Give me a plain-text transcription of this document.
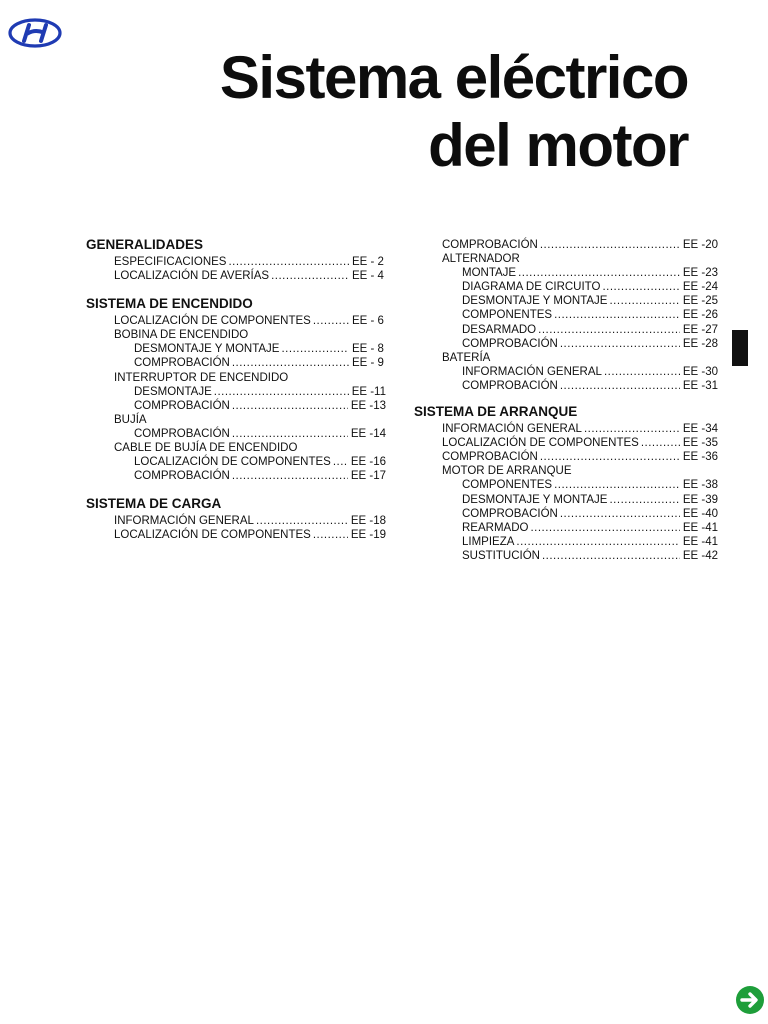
Sistema eléctrico
del motor
GENERALIDADES
ESPECIFICACIONES .....	EE - 2
LOCALIZACIÓN DE AVERÍAS .....	EE - 4
SISTEMA DE ENCENDIDO
LOCALIZACIÓN DE COMPONENTES .....	EE - 6
BOBINA DE ENCENDIDO
DESMONTAJE Y MONTAJE .....	EE - 8
COMPROBACIÓN .....	EE - 9
INTERRUPTOR DE ENCENDIDO
DESMONTAJE .....	EE -11
COMPROBACIÓN .....	EE -13
BUJÍA
COMPROBACIÓN .....	EE -14
CABLE DE BUJÍA DE ENCENDIDO
LOCALIZACIÓN DE COMPONENTES ..... EE -16
COMPROBACIÓN .....	EE -17
SISTEMA DE CARGA
INFORMACIÓN GENERAL .....	EE -18
LOCALIZACIÓN DE COMPONENTES .....	EE -19
COMPROBACIÓN .....	EE -20
ALTERNADOR
MONTAJE .....	EE -23
DIAGRAMA DE CIRCUITO .....	EE -24
DESMONTAJE Y MONTAJE .....	EE -25
COMPONENTES .....	EE -26
DESARMADO .....	EE -27
COMPROBACIÓN .....	EE -28
BATERÍA
INFORMACIÓN GENERAL .....	EE -30
COMPROBACIÓN .....	EE -31
SISTEMA DE ARRANQUE
INFORMACIÓN GENERAL .....	EE -34
LOCALIZACIÓN DE COMPONENTES .....	EE -35
COMPROBACIÓN .....	EE -36
MOTOR DE ARRANQUE
COMPONENTES .....	EE -38
DESMONTAJE Y MONTAJE .....	EE -39
COMPROBACIÓN .....	EE -40
REARMADO .....	EE -41
LIMPIEZA .....	EE -41
SUSTITUCIÓN .....	EE -42
